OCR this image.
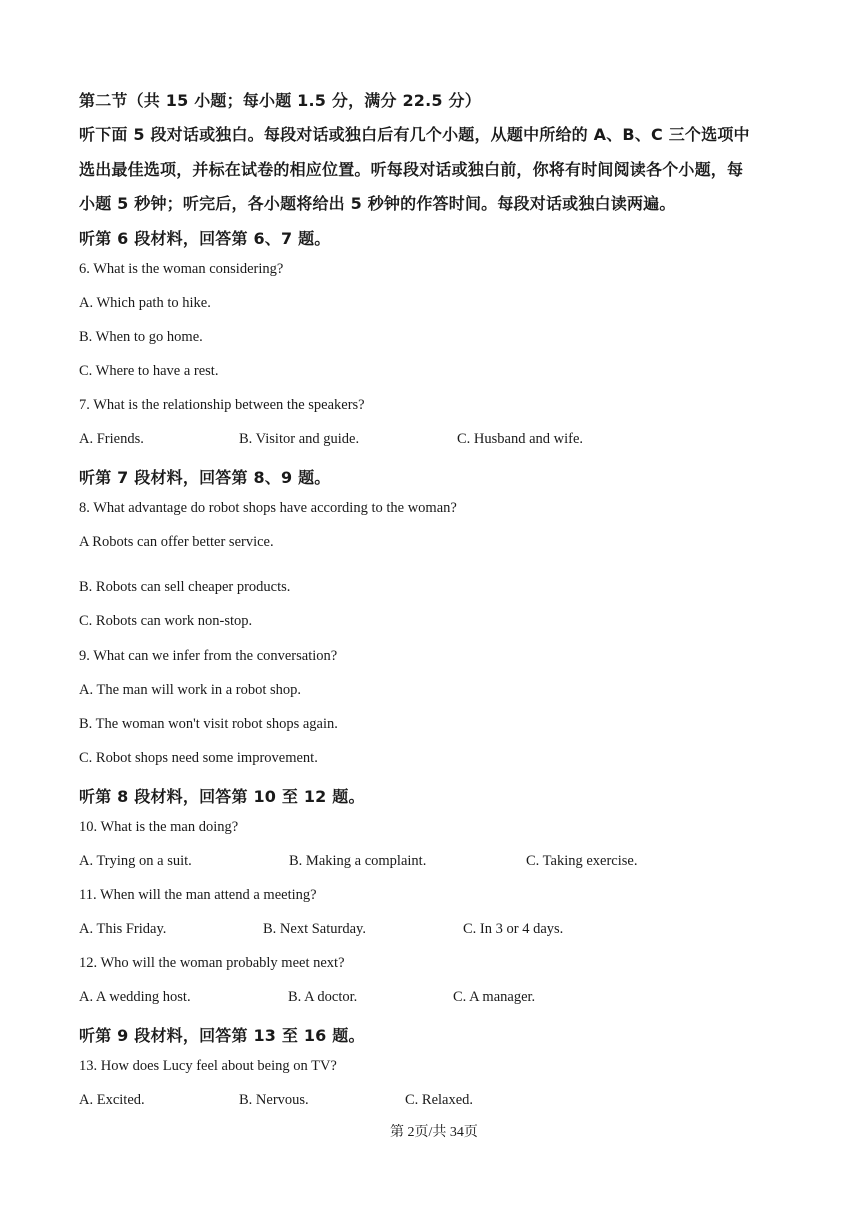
第二节（共 15 小题；每小题 1.5 分，满分 22.5 分）
听下面 5 段对话或独白。每段对话或独白后有几个小题，从题中所给的 A、B、C 三个选项中
选出最佳选项，并标在试卷的相应位置。听每段对话或独白前，你将有时间阅读各个小题，每
小题 5 秒钟；听完后，各小题将给出 5 秒钟的作答时间。每段对话或独白读两遍。
听第 6 段材料，回答第 6、7 题。
6. What is the woman considering?
A. Which path to hike.
B. When to go home.
C. Where to have a rest.
7. What is the relationship between the speakers?
A. Friends.	B. Visitor and guide.	C. Husband and wife.
听第 7 段材料，回答第 8、9 题。
8. What advantage do robot shops have according to the woman?
A Robots can offer better service.
B. Robots can sell cheaper products.
C. Robots can work non-stop.
9. What can we infer from the conversation?
A. The man will work in a robot shop.
B. The woman won't visit robot shops again.
C. Robot shops need some improvement.
听第 8 段材料，回答第 10 至 12 题。
10. What is the man doing?
A. Trying on a suit.	B. Making a complaint.	C. Taking exercise.
11. When will the man attend a meeting?
A. This Friday.	B. Next Saturday.	C. In 3 or 4 days.
12. Who will the woman probably meet next?
A. A wedding host.	B. A doctor.	C. A manager.
听第 9 段材料，回答第 13 至 16 题。
13. How does Lucy feel about being on TV?
A. Excited.	B. Nervous.	C. Relaxed.
第 2页/共 34页
